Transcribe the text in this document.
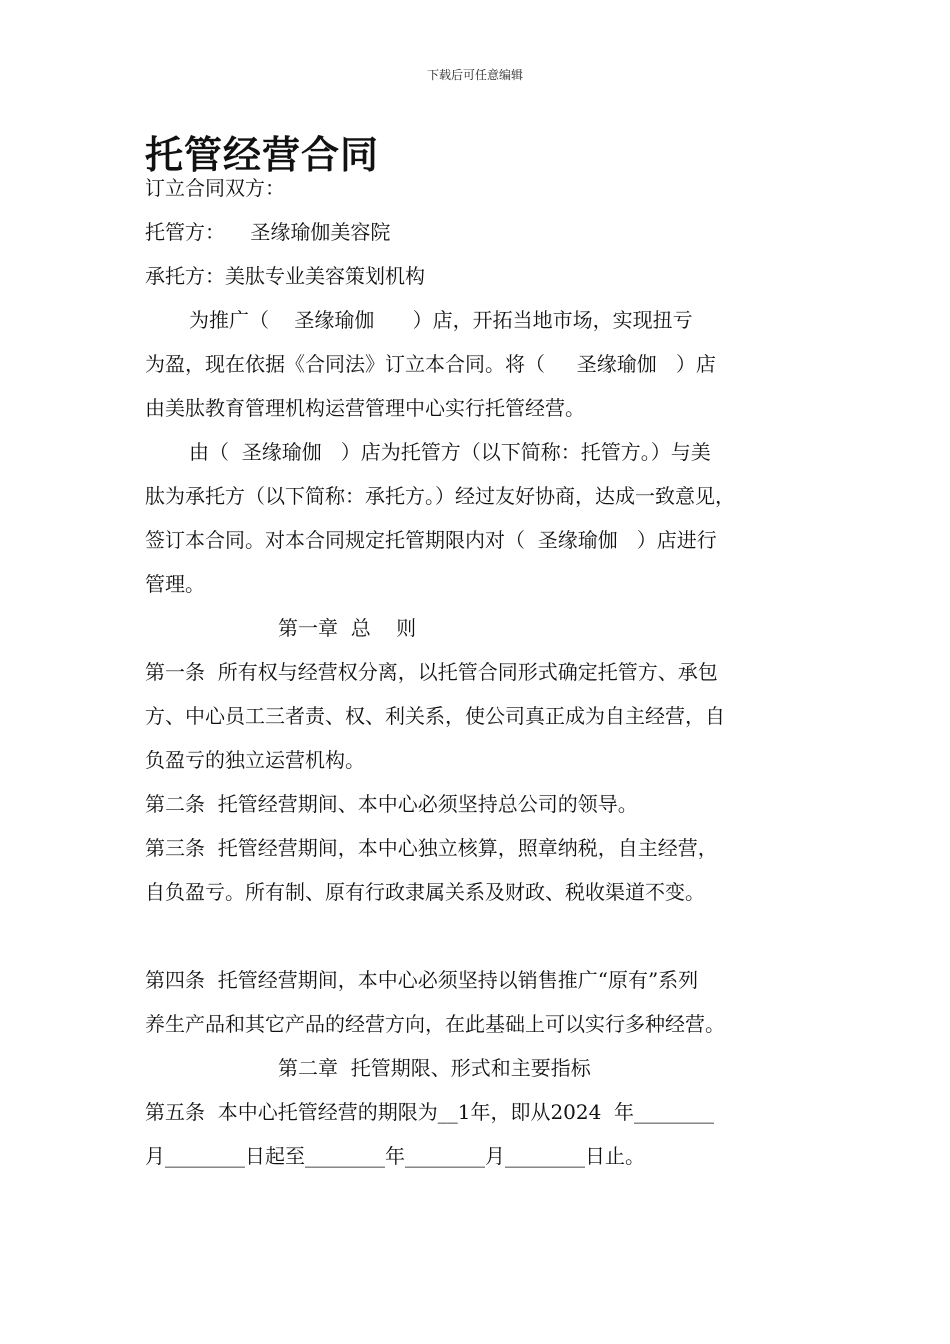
下载后可任意编辑
托管经营合同
订立合同双方：
托管方：    圣缘瑜伽美容院
承托方：美肽专业美容策划机构
为推广（    圣缘瑜伽      ）店，开拓当地市场，实现扭亏
为盈，现在依据《合同法》订立本合同。将（     圣缘瑜伽   ）店
由美肽教育管理机构运营管理中心实行托管经营。
由（  圣缘瑜伽   ）店为托管方（以下简称：托管方。）与美
肽为承托方（以下简称：承托方。）经过友好协商，达成一致意见，
签订本合同。对本合同规定托管期限内对（  圣缘瑜伽   ）店进行
管理。
第一章  总    则
第一条  所有权与经营权分离，以托管合同形式确定托管方、承包
方、中心员工三者责、权、利关系，使公司真正成为自主经营，自
负盈亏的独立运营机构。
第二条  托管经营期间、本中心必须坚持总公司的领导。
第三条  托管经营期间，本中心独立核算，照章纳税，自主经营，
自负盈亏。所有制、原有行政隶属关系及财政、税收渠道不变。
第四条  托管经营期间，本中心必须坚持以销售推广“原有”系列
养生产品和其它产品的经营方向，在此基础上可以实行多种经营。
第二章  托管期限、形式和主要指标
第五条  本中心托管经营的期限为__1年，即从2024  年________
月________日起至________年________月________日止。
